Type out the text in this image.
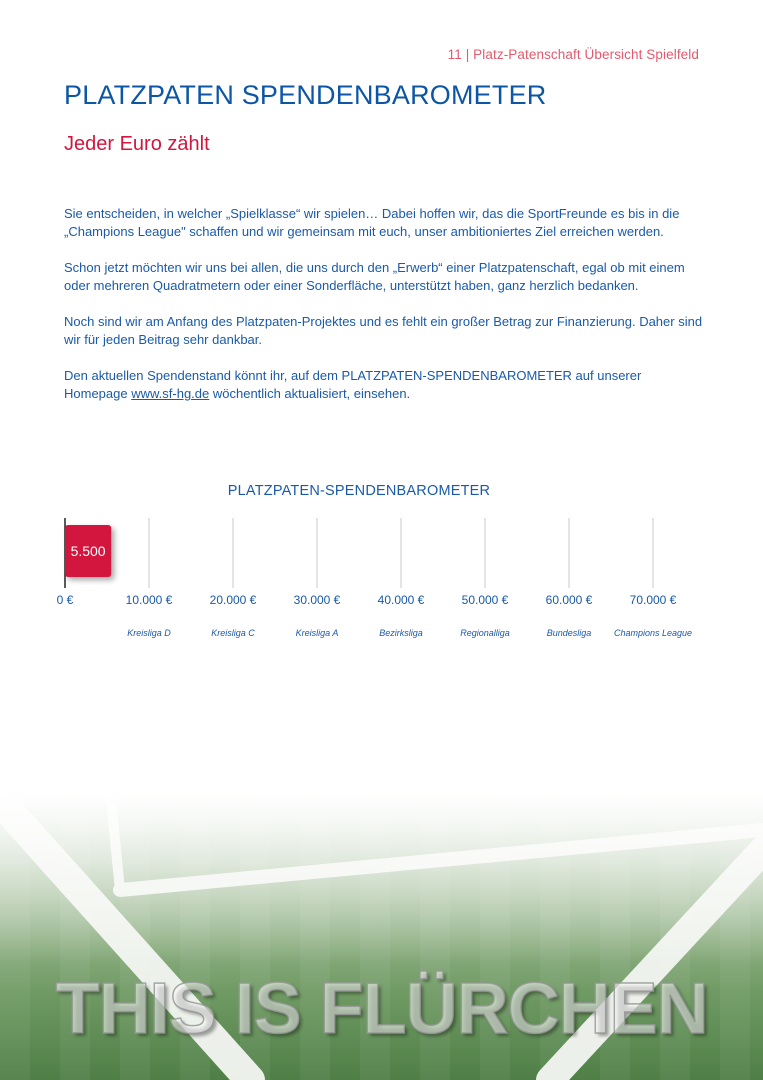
11 | Platz-Patenschaft Übersicht Spielfeld
PLATZPATEN SPENDENBAROMETER
Jeder Euro zählt

Sie entscheiden, in welcher „Spielklasse“ wir spielen… Dabei hoffen wir, das die SportFreunde es bis in die „Champions League" schaffen und wir gemeinsam mit euch, unser ambitioniertes Ziel erreichen werden.

Schon jetzt möchten wir uns bei allen, die uns durch den „Erwerb“ einer Platzpatenschaft, egal ob mit einem oder mehreren Quadratmetern oder einer Sonderfläche, unterstützt haben, ganz herzlich bedanken.

Noch sind wir am Anfang des Platzpaten-Projektes und es fehlt ein großer Betrag zur Finanzierung. Daher sind wir für jeden Beitrag sehr dankbar.

Den aktuellen Spendenstand könnt ihr, auf dem PLATZPATEN-SPENDENBAROMETER auf unserer Homepage www.sf-hg.de wöchentlich aktualisiert, einsehen.

PLATZPATEN-SPENDENBAROMETER
5.500
0 €	10.000 €
Kreisliga D
20.000 €
Kreisliga C
30.000 €
Kreisliga A
40.000 €
Bezirksliga
50.000 €
Regionalliga
60.000 €
Bundesliga
70.000 €
Champions League
THIS IS FLÜRCHEN
